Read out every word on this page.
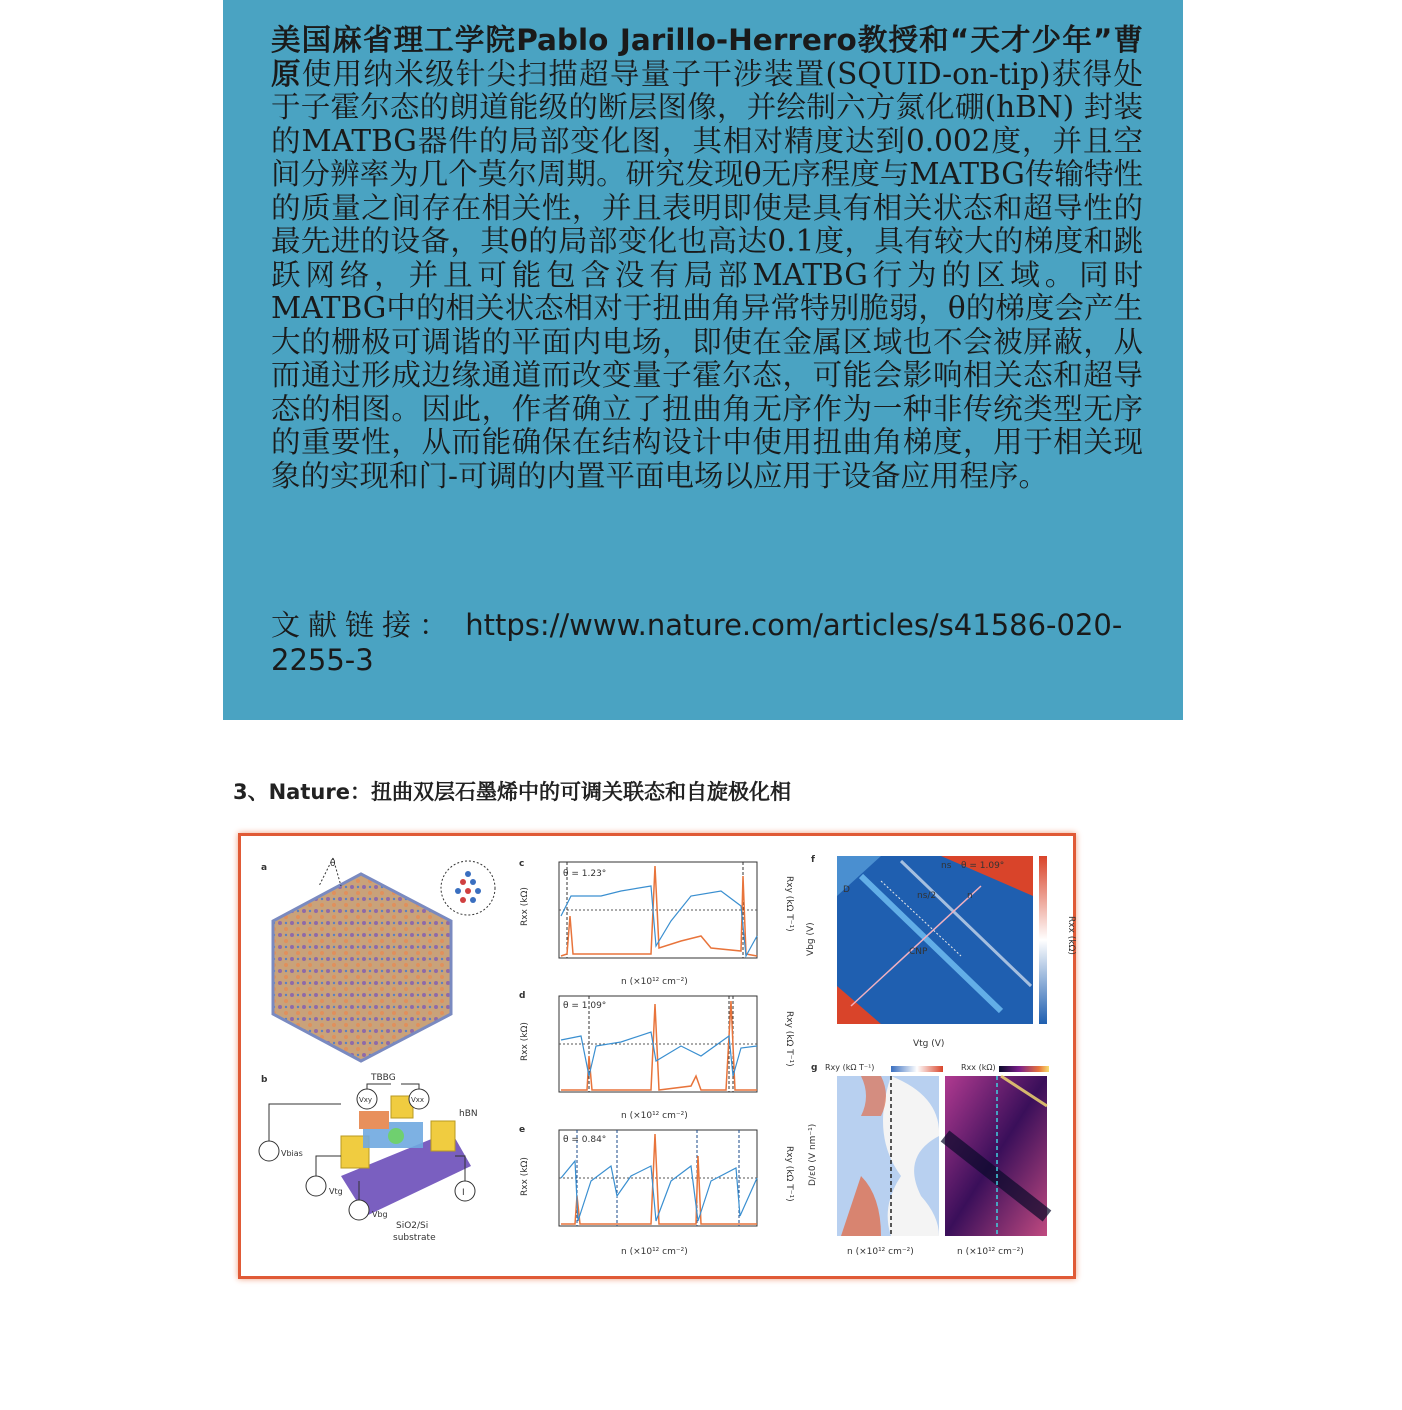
美国麻省理工学院Pablo Jarillo-Herrero教授和“天才少年”曹原使用纳米级针尖扫描超导量子干涉装置(SQUID-on-tip)获得处于子霍尔态的朗道能级的断层图像，并绘制六方氮化硼(hBN) 封装的MATBG器件的局部变化图，其相对精度达到0.002度，并且空间分辨率为几个莫尔周期。研究发现θ无序程度与MATBG传输特性的质量之间存在相关性，并且表明即使是具有相关状态和超导性的最先进的设备，其θ的局部变化也高达0.1度，具有较大的梯度和跳跃网络，并且可能包含没有局部MATBG行为的区域。同时MATBG中的相关状态相对于扭曲角异常特别脆弱，θ的梯度会产生大的栅极可调谐的平面内电场，即使在金属区域也不会被屏蔽，从而通过形成边缘通道而改变量子霍尔态，可能会影响相关态和超导态的相图。因此，作者确立了扭曲角无序作为一种非传统类型无序的重要性，从而能确保在结构设计中使用扭曲角梯度，用于相关现象的实现和门-可调的内置平面电场以应用于设备应用程序。
文献链接： https://www.nature.com/articles/s41586-020-2255-3
3、Nature：扭曲双层石墨烯中的可调关联态和自旋极化相
a	θ
b	TBBG
hBN
Vxy	Vxx
Vbias
Vtg
Vbg
I
SiO2/Si
substrate
c
θ = 1.23°
n (×10¹² cm⁻²)
Rxx (kΩ)	Rxy (kΩ T⁻¹)
d
θ = 1.09°
n (×10¹² cm⁻²)
Rxx (kΩ)	Rxy (kΩ T⁻¹)
e
θ = 0.84°
n (×10¹² cm⁻²)
Rxx (kΩ)	Rxy (kΩ T⁻¹)
f
CNP
θ = 1.09°
ns
ns/2	n
D
Rxx (kΩ)
Vtg (V)
Vbg (V)
g Rxy (kΩ T⁻¹)	Rxx (kΩ)
n (×10¹² cm⁻²)	n (×10¹² cm⁻²)
D/ε0 (V nm⁻¹)
